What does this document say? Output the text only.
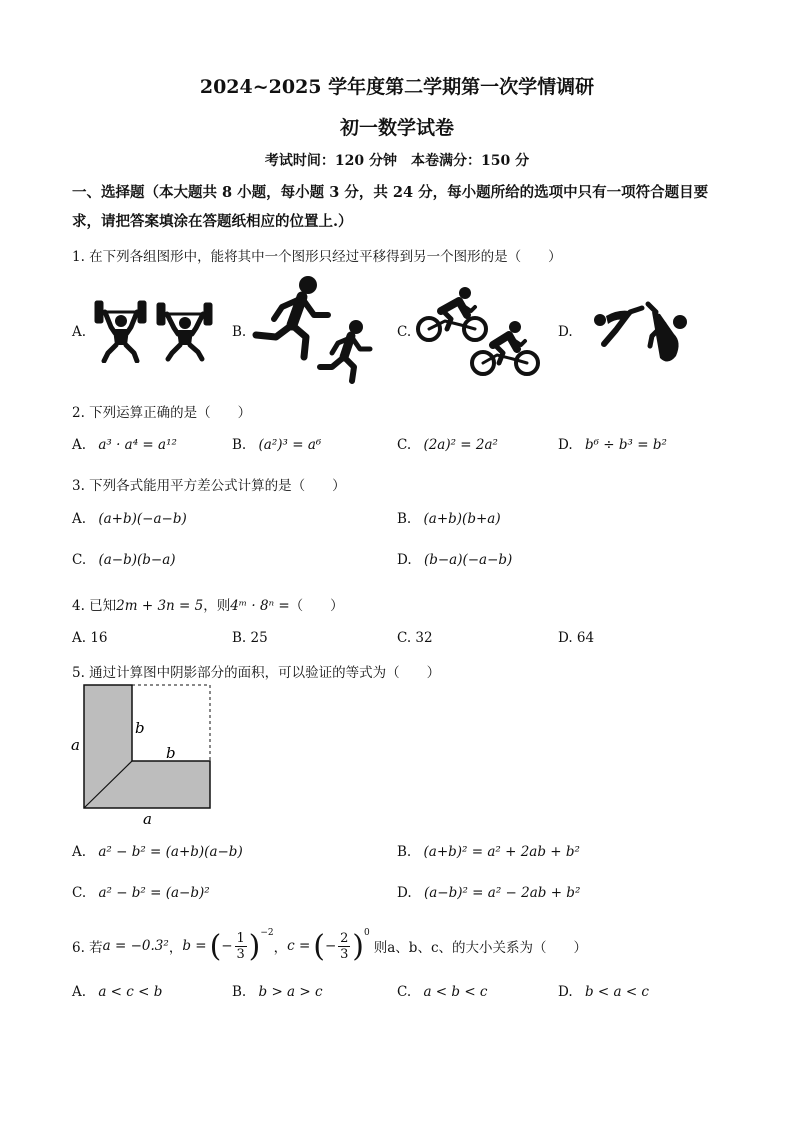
2024~2025 学年度第二学期第一次学情调研
初一数学试卷
考试时间：120 分钟　本卷满分：150 分
一、选择题（本大题共 8 小题，每小题 3 分，共 24 分，每小题所给的选项中只有一项符合题目要求，请把答案填涂在答题纸相应的位置上.）
1. 在下列各组图形中，能将其中一个图形只经过平移得到另一个图形的是（　　）
A.	B.	C.	D.
2. 下列运算正确的是（　　）
A. a³ · a⁴ = a¹²	B. (a²)³ = a⁶	C. (2a)² = 2a²	D. b⁶ ÷ b³ = b²
3. 下列各式能用平方差公式计算的是（　　）
A. (a+b)(−a−b)	B. (a+b)(b+a)
C. (a−b)(b−a)	D. (b−a)(−a−b)
4. 已知2m + 3n = 5，则4ᵐ · 8ⁿ =（　　）
A. 16	B. 25	C. 32	D. 64
5. 通过计算图中阴影部分的面积，可以验证的等式为（　　）
a
b
b
a
A. a² − b² = (a+b)(a−b)	B. (a+b)² = a² + 2ab + b²
C. a² − b² = (a−b)²	D. (a−b)² = a² − 2ab + b²
6. 若 a = −0.3² ， b = ( − 1
3 ) −2
， c = ( − 2
3 ) 0
则a、b、c、的大小关系为（　　）
A. a < c < b	B. b > a > c	C. a < b < c	D. b < a < c
